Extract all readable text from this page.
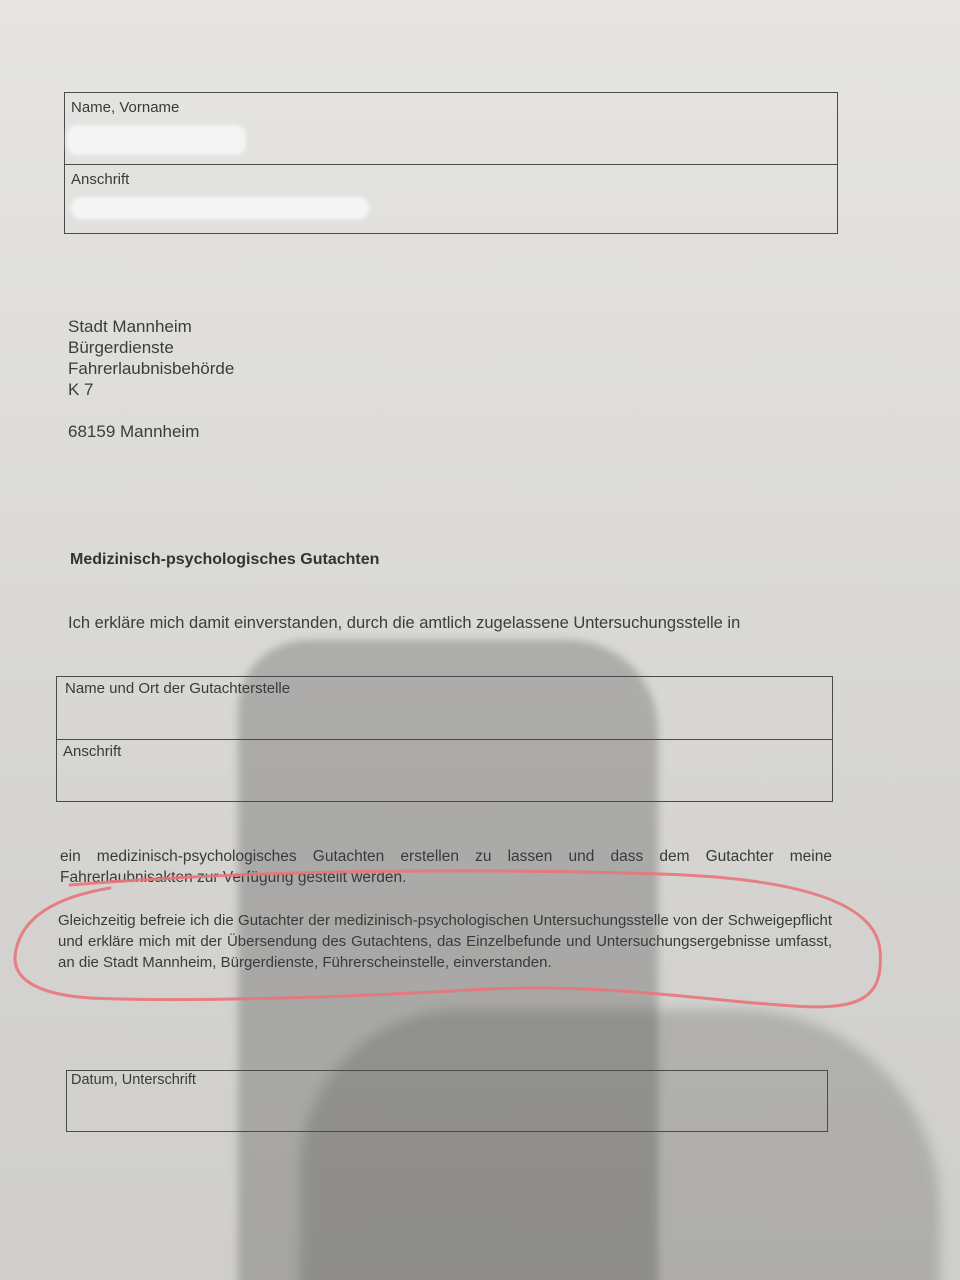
Name, Vorname
Anschrift
Stadt Mannheim
Bürgerdienste
Fahrerlaubnisbehörde
K 7
68159 Mannheim
Medizinisch-psychologisches Gutachten
Ich erkläre mich damit einverstanden, durch die amtlich zugelassene Untersuchungsstelle in
Name und Ort der Gutachterstelle
Anschrift
ein medizinisch-psychologisches Gutachten erstellen zu lassen und dass dem Gutachter meine Fahrerlaubnisakten zur Verfügung gestellt werden.
Gleichzeitig befreie ich die Gutachter der medizinisch-psychologischen Untersuchungsstelle von der Schweigepflicht und erkläre mich mit der Übersendung des Gutachtens, das Einzelbefunde und Untersuchungsergebnisse umfasst, an die Stadt Mannheim, Bürgerdienste, Führerscheinstelle, einverstanden.
Datum, Unterschrift
